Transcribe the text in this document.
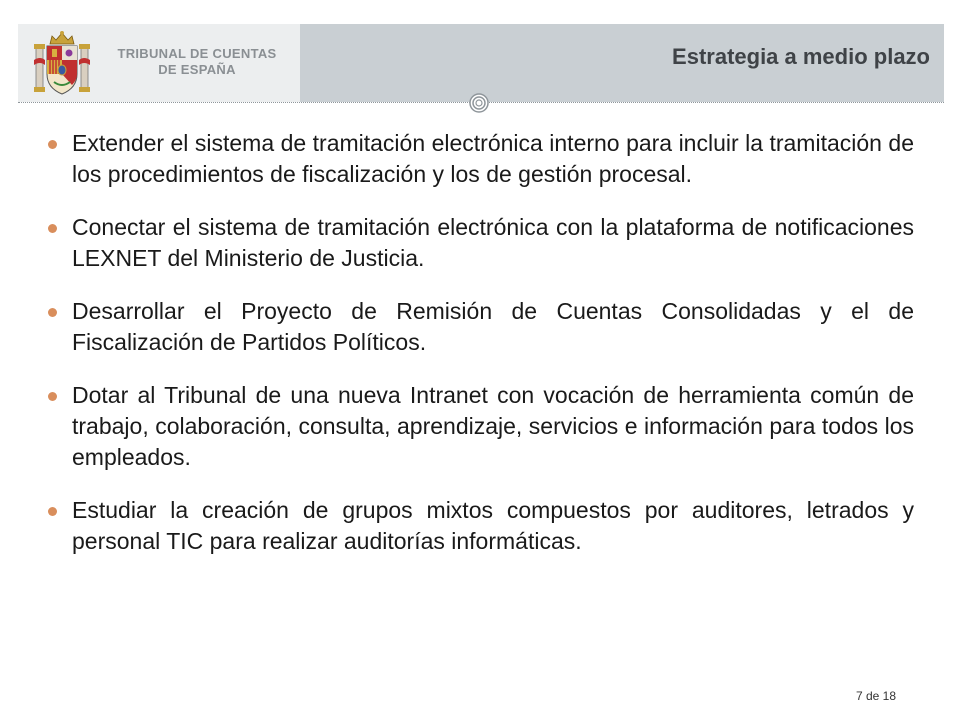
TRIBUNAL DE CUENTAS
DE ESPAÑA
Estrategia a medio plazo
Extender el sistema de tramitación electrónica interno para incluir la tramitación de los procedimientos de fiscalización y los de gestión procesal.
Conectar el sistema de tramitación electrónica con la plataforma de notificaciones LEXNET del Ministerio de Justicia.
Desarrollar el Proyecto de Remisión de Cuentas Consolidadas y el de Fiscalización de Partidos Políticos.
Dotar al Tribunal de una nueva Intranet con vocación de herramienta común de trabajo, colaboración, consulta, aprendizaje, servicios e información para todos los empleados.
Estudiar la creación de grupos mixtos compuestos por auditores, letrados y personal TIC para realizar auditorías informáticas.
7 de 18
